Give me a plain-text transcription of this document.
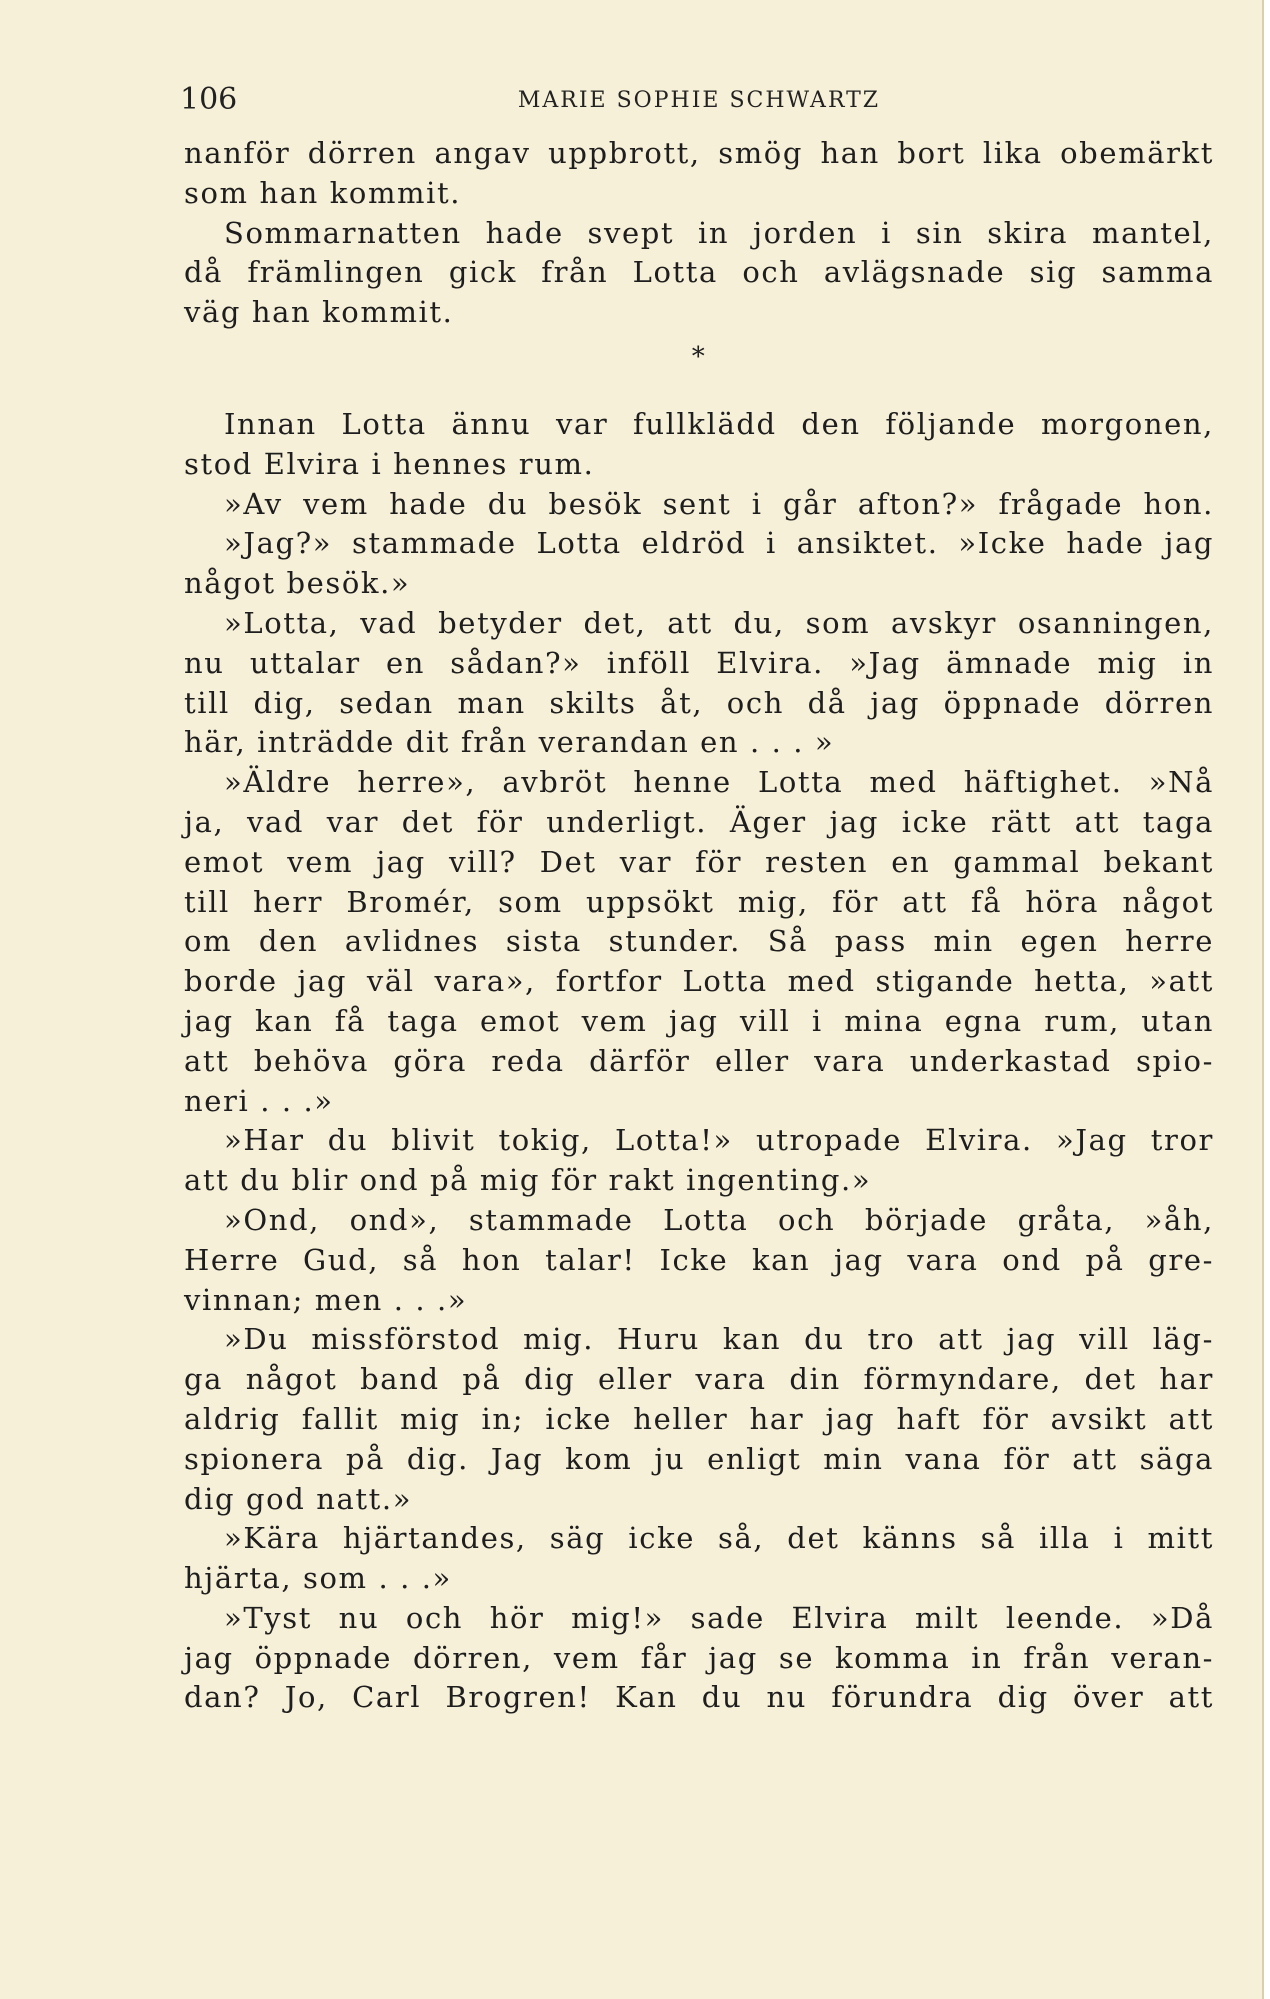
106	MARIE SOPHIE SCHWARTZ
nanför dörren angav uppbrott, smög han bort lika obemärkt
som han kommit.
Sommarnatten hade svept in jorden i sin skira mantel,
då främlingen gick från Lotta och avlägsnade sig samma
väg han kommit.
*
Innan Lotta ännu var fullklädd den följande morgonen,
stod Elvira i hennes rum.
»Av vem hade du besök sent i går afton?» frågade hon.
»Jag?» stammade Lotta eldröd i ansiktet. »Icke hade jag
något besök.»
»Lotta, vad betyder det, att du, som avskyr osanningen,
nu uttalar en sådan?» inföll Elvira. »Jag ämnade mig in
till dig, sedan man skilts åt, och då jag öppnade dörren
här, inträdde dit från verandan en . . . »
»Äldre herre», avbröt henne Lotta med häftighet. »Nå
ja, vad var det för underligt. Äger jag icke rätt att taga
emot vem jag vill? Det var för resten en gammal bekant
till herr Bromér, som uppsökt mig, för att få höra något
om den avlidnes sista stunder. Så pass min egen herre
borde jag väl vara», fortfor Lotta med stigande hetta, »att
jag kan få taga emot vem jag vill i mina egna rum, utan
att behöva göra reda därför eller vara underkastad spio-
neri . . .»
»Har du blivit tokig, Lotta!» utropade Elvira. »Jag tror
att du blir ond på mig för rakt ingenting.»
»Ond, ond», stammade Lotta och började gråta, »åh,
Herre Gud, så hon talar! Icke kan jag vara ond på gre-
vinnan; men . . .»
»Du missförstod mig. Huru kan du tro att jag vill läg-
ga något band på dig eller vara din förmyndare, det har
aldrig fallit mig in; icke heller har jag haft för avsikt att
spionera på dig. Jag kom ju enligt min vana för att säga
dig god natt.»
»Kära hjärtandes, säg icke så, det känns så illa i mitt
hjärta, som . . .»
»Tyst nu och hör mig!» sade Elvira milt leende. »Då
jag öppnade dörren, vem får jag se komma in från veran-
dan? Jo, Carl Brogren! Kan du nu förundra dig över att
